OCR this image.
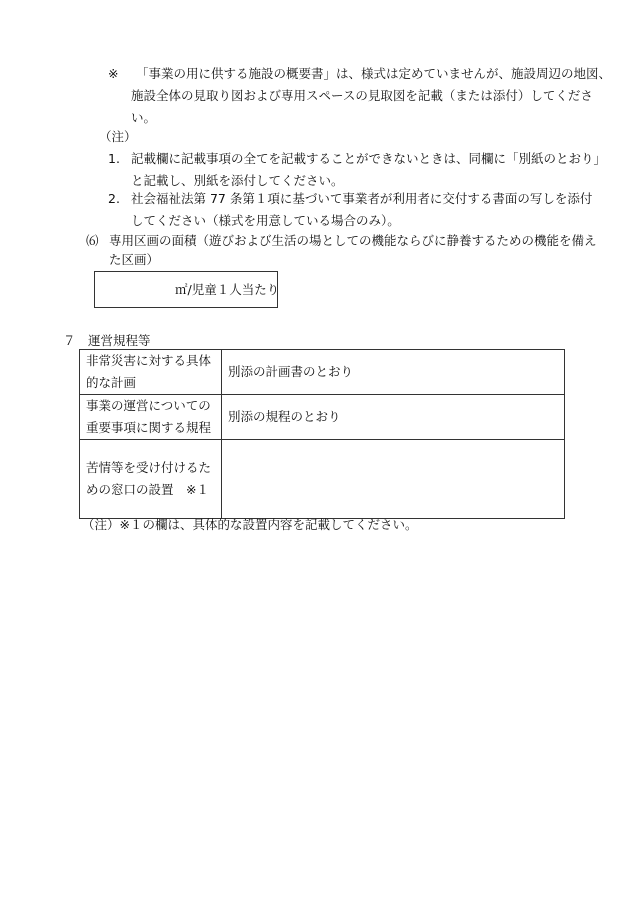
※ 「事業の用に供する施設の概要書」は、様式は定めていませんが、施設周辺の地図、
施設全体の見取り図および専用スペースの見取図を記載（または添付）してくださ
い。
（注）
1. 記載欄に記載事項の全てを記載することができないときは、同欄に「別紙のとおり」
と記載し、別紙を添付してください。
2. 社会福祉法第 77 条第１項に基づいて事業者が利用者に交付する書面の写しを添付
してください（様式を用意している場合のみ）。
⑹ 専用区画の面積（遊びおよび生活の場としての機能ならびに静養するための機能を備え
た区画）
㎡/児童１人当たり
７　運営規程等
非常災害に対する具体的な計画	別添の計画書のとおり
事業の運営についての重要事項に関する規程	別添の規程のとおり
苦情等を受け付けるための窓口の設置　※１	
（注）※１の欄は、具体的な設置内容を記載してください。
